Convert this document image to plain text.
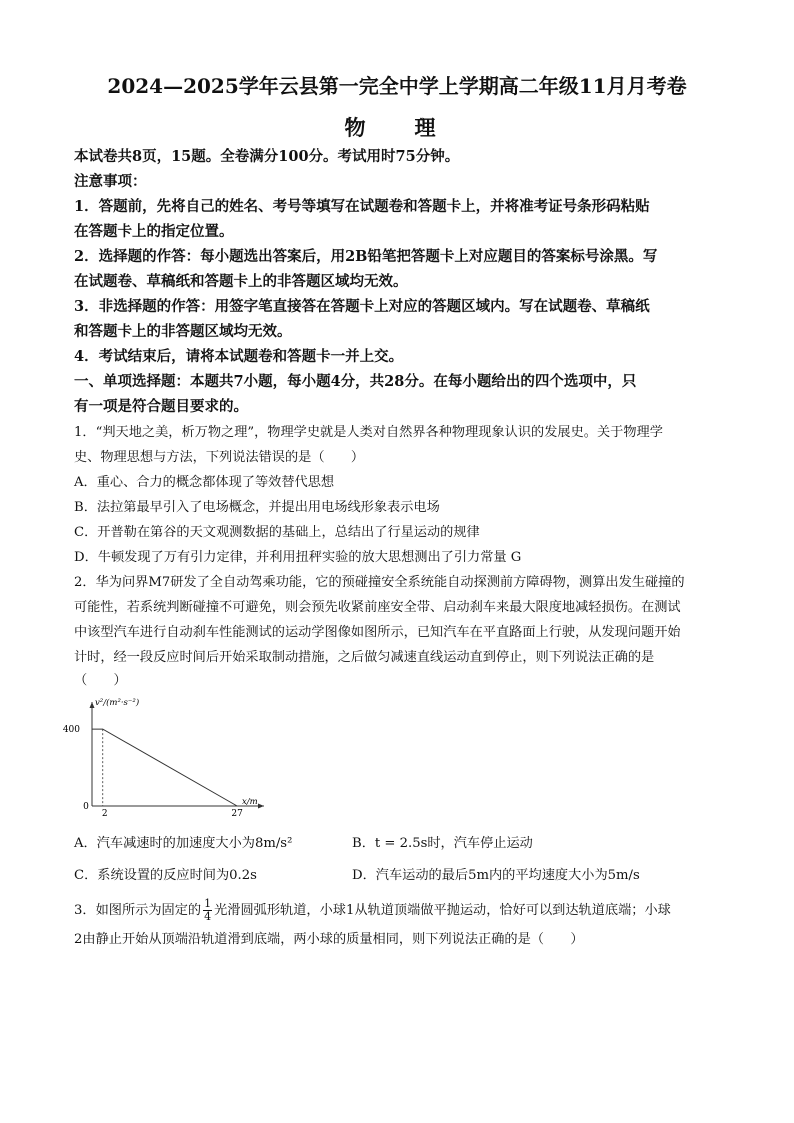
2024—2025学年云县第一完全中学上学期高二年级11月月考卷
物　理
本试卷共8页，15题。全卷满分100分。考试用时75分钟。
注意事项：
1．答题前，先将自己的姓名、考号等填写在试题卷和答题卡上，并将准考证号条形码粘贴
在答题卡上的指定位置。
2．选择题的作答：每小题选出答案后，用2B铅笔把答题卡上对应题目的答案标号涂黑。写
在试题卷、草稿纸和答题卡上的非答题区域均无效。
3．非选择题的作答：用签字笔直接答在答题卡上对应的答题区域内。写在试题卷、草稿纸
和答题卡上的非答题区域均无效。
4．考试结束后，请将本试题卷和答题卡一并上交。
一、单项选择题：本题共7小题，每小题4分，共28分。在每小题给出的四个选项中，只
有一项是符合题目要求的。
1．“判天地之美，析万物之理”，物理学史就是人类对自然界各种物理现象认识的发展史。关于物理学
史、物理思想与方法，下列说法错误的是（　　）
A．重心、合力的概念都体现了等效替代思想
B．法拉第最早引入了电场概念，并提出用电场线形象表示电场
C．开普勒在第谷的天文观测数据的基础上，总结出了行星运动的规律
D．牛顿发现了万有引力定律，并利用扭秤实验的放大思想测出了引力常量 G
2．华为问界M7研发了全自动驾乘功能，它的预碰撞安全系统能自动探测前方障碍物，测算出发生碰撞的
可能性，若系统判断碰撞不可避免，则会预先收紧前座安全带、启动刹车来最大限度地减轻损伤。在测试
中该型汽车进行自动刹车性能测试的运动学图像如图所示，已知汽车在平直路面上行驶，从发现问题开始
计时，经一段反应时间后开始采取制动措施，之后做匀减速直线运动直到停止，则下列说法正确的是
（　　）
400
v²/(m²·s⁻²)
x/m
0
2	27
A．汽车减速时的加速度大小为8m/s²	B．t = 2.5s时，汽车停止运动
C．系统设置的反应时间为0.2s	D．汽车运动的最后5m内的平均速度大小为5m/s
3．如图所示为固定的 $\frac{1}{4}$ 光滑圆弧形轨道，小球1从轨道顶端做平抛运动，恰好可以到达轨道底端；小球
2由静止开始从顶端沿轨道滑到底端，两小球的质量相同，则下列说法正确的是（　　）
